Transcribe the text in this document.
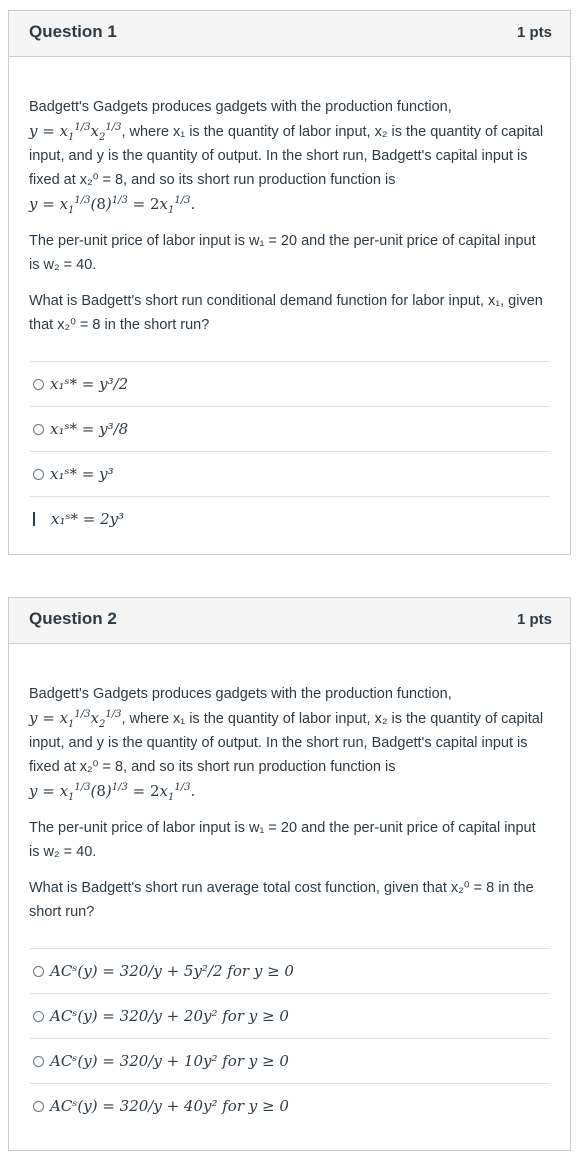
Question 1	1 pts

Badgett's Gadgets produces gadgets with the production function,
$y = x_1^{1/3}x_2^{1/3}$, where x₁ is the quantity of labor input, x₂ is the quantity of capital input, and y is the quantity of output. In the short run, Badgett's capital input is fixed at x₂⁰ = 8, and so its short run production function is
$y = x_1^{1/3}(8)^{1/3} = 2x_1^{1/3}$.

The per-unit price of labor input is w₁ = 20 and the per-unit price of capital input is w₂ = 40.

What is Badgett's short run conditional demand function for labor input, x₁, given that x₂⁰ = 8 in the short run?

x₁ˢ* = y³/2
x₁ˢ* = y³/8
x₁ˢ* = y³
x₁ˢ* = 2y³
Question 2	1 pts

Badgett's Gadgets produces gadgets with the production function,
$y = x_1^{1/3}x_2^{1/3}$, where x₁ is the quantity of labor input, x₂ is the quantity of capital input, and y is the quantity of output. In the short run, Badgett's capital input is fixed at x₂⁰ = 8, and so its short run production function is
$y = x_1^{1/3}(8)^{1/3} = 2x_1^{1/3}$.

The per-unit price of labor input is w₁ = 20 and the per-unit price of capital input is w₂ = 40.

What is Badgett's short run average total cost function, given that x₂⁰ = 8 in the short run?

ACˢ(y) = 320/y + 5y²/2 for y ≥ 0
ACˢ(y) = 320/y + 20y² for y ≥ 0
ACˢ(y) = 320/y + 10y² for y ≥ 0
ACˢ(y) = 320/y + 40y² for y ≥ 0
